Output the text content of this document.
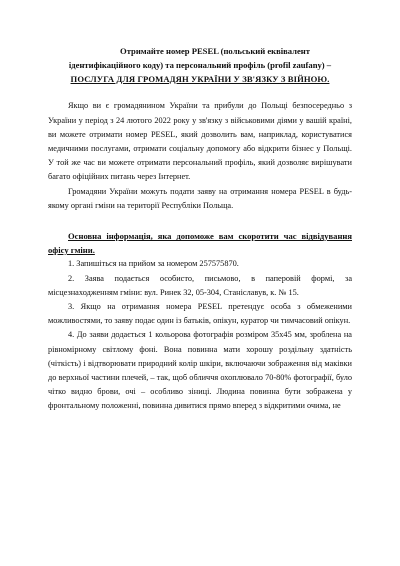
Отримайте номер PESEL (польський еквівалент
ідентифікаційного коду) та персональний профіль (profil zaufany) –
ПОСЛУГА ДЛЯ ГРОМАДЯН УКРАЇНИ У ЗВ'ЯЗКУ З ВІЙНОЮ.

Якщо ви є громадянином України та прибули до Польщі безпосередньо з України у період з 24 лютого 2022 року у зв'язку з військовими діями у вашій країні, ви можете отримати номер PESEL, який дозволить вам, наприклад, користуватися медичними послугами, отримати соціальну допомогу або відкрити бізнес у Польщі. У той же час ви можете отримати персональний профіль, який дозволяє вирішувати багато офіційних питань через Інтернет.

Громадяни України можуть подати заяву на отримання номера PESEL в будь-якому органі гміни на території Республіки Польща.

Основна інформація, яка допоможе вам скоротити час відвідування офісу гміни.

1. Запишіться на прийом за номером 257575870.

2. Заява подається особисто, письмово, в паперовій формі, за місцезнаходженням гміни: вул. Ринек 32, 05-304, Станіславув, к. № 15.

3. Якщо на отримання номера PESEL претендує особа з обмеженими можливостями, то заяву подає один із батьків, опікун, куратор чи тимчасовий опікун.

4. До заяви додається 1 кольорова фотографія розміром 35х45 мм, зроблена на рівномірному світлому фоні. Вона повинна мати хорошу роздільну здатність (чіткість) і відтворювати природний колір шкіри, включаючи зображення від маківки до верхньої частини плечей, – так, щоб обличчя охоплювало 70-80% фотографії, було чітко видно брови, очі – особливо зіниці. Людина повинна бути зображена у фронтальному положенні, повинна дивитися прямо вперед з відкритими очима, не
